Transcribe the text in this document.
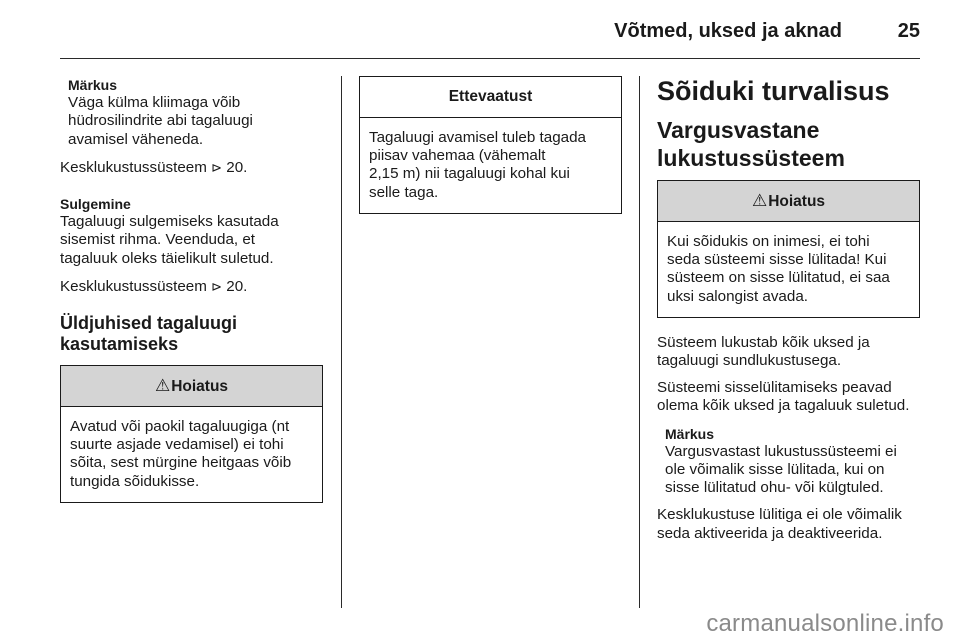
Võtmed, uksed ja aknad	25

Märkus

Väga külma kliimaga võib

hüdrosilindrite abi tagaluugi

avamisel väheneda.

Kesklukustussüsteem ⊳ 20.

Sulgemine

Tagaluugi sulgemiseks kasutada

sisemist rihma. Veenduda, et

tagaluuk oleks täielikult suletud.

Kesklukustussüsteem ⊳ 20.

Üldjuhised tagaluugi

kasutamiseks

⚠Hoiatus

Avatud või paokil tagaluugiga (nt

suurte asjade vedamisel) ei tohi

sõita, sest mürgine heitgaas võib

tungida sõidukisse.

Ettevaatust

Tagaluugi avamisel tuleb tagada

piisav vahemaa (vähemalt

2,15 m) nii tagaluugi kohal kui

selle taga.

Sõiduki turvalisus

Vargusvastane

lukustussüsteem

⚠Hoiatus

Kui sõidukis on inimesi, ei tohi

seda süsteemi sisse lülitada! Kui

süsteem on sisse lülitatud, ei saa

uksi salongist avada.

Süsteem lukustab kõik uksed ja

tagaluugi sundlukustusega.

Süsteemi sisselülitamiseks peavad

olema kõik uksed ja tagaluuk suletud.

Märkus

Vargusvastast lukustussüsteemi ei

ole võimalik sisse lülitada, kui on

sisse lülitatud ohu- või külgtuled.

Kesklukustuse lülitiga ei ole võimalik

seda aktiveerida ja deaktiveerida.

carmanualsonline.info
